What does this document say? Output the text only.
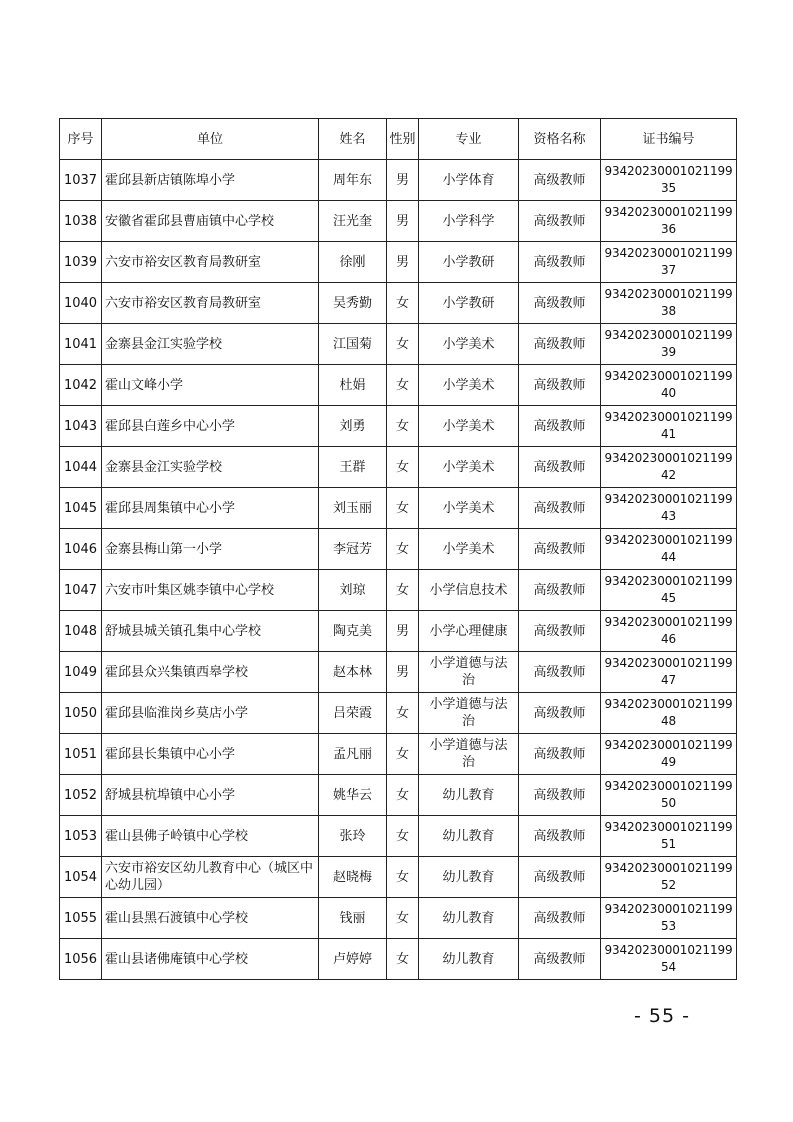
序号	单位	姓名	性别	专业	资格名称	证书编号
1037	霍邱县新店镇陈埠小学	周年东	男	小学体育	高级教师	9342023000102119935
1038	安徽省霍邱县曹庙镇中心学校	汪光奎	男	小学科学	高级教师	9342023000102119936
1039	六安市裕安区教育局教研室	徐刚	男	小学教研	高级教师	9342023000102119937
1040	六安市裕安区教育局教研室	吴秀勤	女	小学教研	高级教师	9342023000102119938
1041	金寨县金江实验学校	江国菊	女	小学美术	高级教师	9342023000102119939
1042	霍山文峰小学	杜娟	女	小学美术	高级教师	9342023000102119940
1043	霍邱县白莲乡中心小学	刘勇	女	小学美术	高级教师	9342023000102119941
1044	金寨县金江实验学校	王群	女	小学美术	高级教师	9342023000102119942
1045	霍邱县周集镇中心小学	刘玉丽	女	小学美术	高级教师	9342023000102119943
1046	金寨县梅山第一小学	李冠芳	女	小学美术	高级教师	9342023000102119944
1047	六安市叶集区姚李镇中心学校	刘琼	女	小学信息技术	高级教师	9342023000102119945
1048	舒城县城关镇孔集中心学校	陶克美	男	小学心理健康	高级教师	9342023000102119946
1049	霍邱县众兴集镇西皋学校	赵本林	男	小学道德与法治	高级教师	9342023000102119947
1050	霍邱县临淮岗乡莫店小学	吕荣霞	女	小学道德与法治	高级教师	9342023000102119948
1051	霍邱县长集镇中心小学	孟凡丽	女	小学道德与法治	高级教师	9342023000102119949
1052	舒城县杭埠镇中心小学	姚华云	女	幼儿教育	高级教师	9342023000102119950
1053	霍山县佛子岭镇中心学校	张玲	女	幼儿教育	高级教师	9342023000102119951
1054	六安市裕安区幼儿教育中心（城区中心幼儿园）	赵晓梅	女	幼儿教育	高级教师	9342023000102119952
1055	霍山县黑石渡镇中心学校	钱丽	女	幼儿教育	高级教师	9342023000102119953
1056	霍山县诸佛庵镇中心学校	卢婷婷	女	幼儿教育	高级教师	9342023000102119954
- 55 -
